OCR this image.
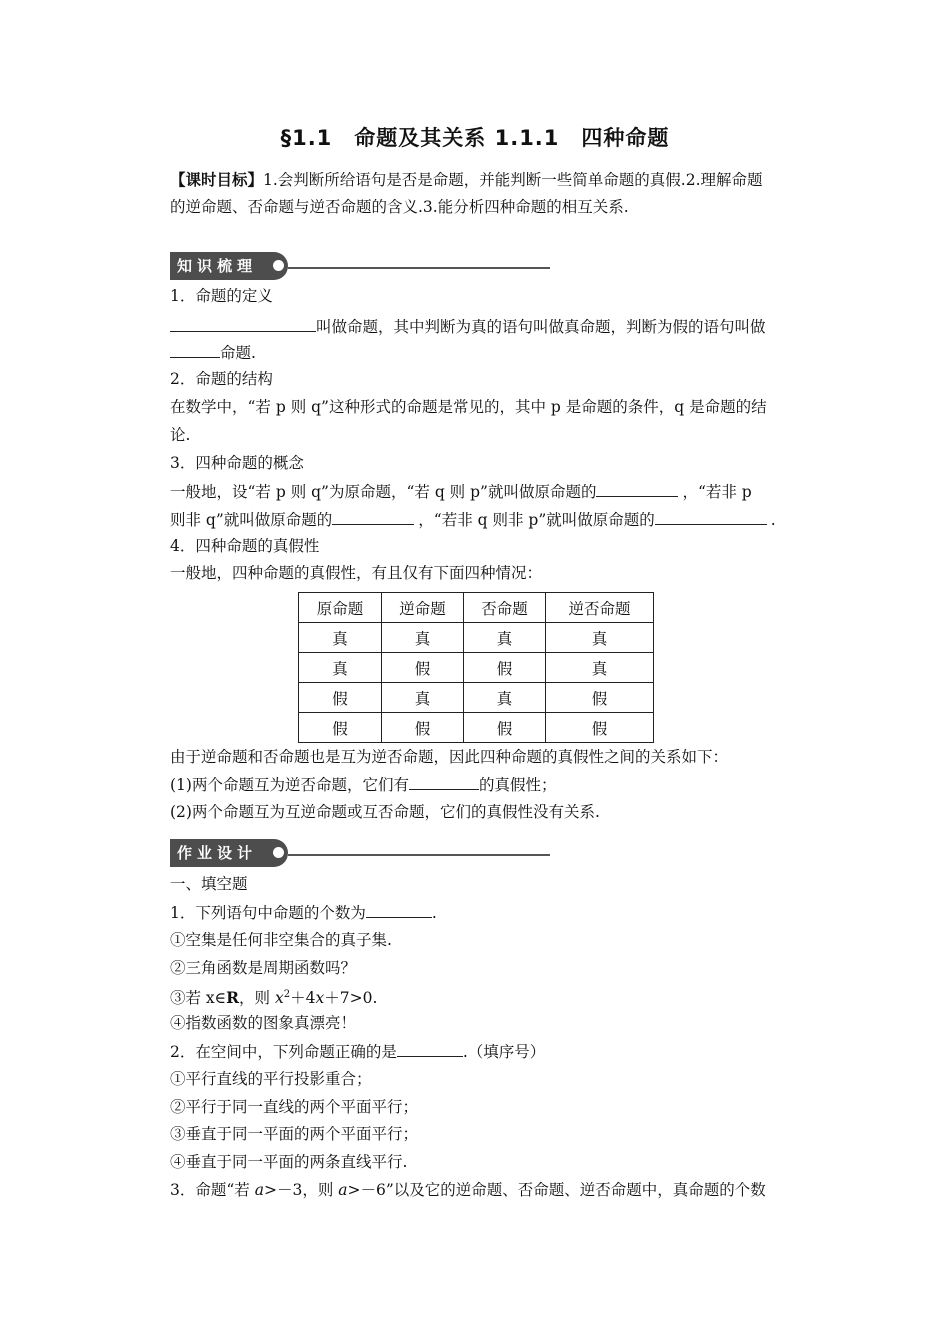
§1.1　命题及其关系 1.1.1　四种命题
【课时目标】1.会判断所给语句是否是命题，并能判断一些简单命题的真假.2.理解命题
的逆命题、否命题与逆否命题的含义.3.能分析四种命题的相互关系.
知识梳理
1．命题的定义
叫做命题，其中判断为真的语句叫做真命题，判断为假的语句叫做
命题.
2．命题的结构
在数学中，“若 p 则 q”这种形式的命题是常见的，其中 p 是命题的条件，q 是命题的结
论.
3．四种命题的概念
一般地，设“若 p 则 q”为原命题，“若 q 则 p”就叫做原命题的	，“若非 p
则非 q”就叫做原命题的	，“若非 q 则非 p”就叫做原命题的	.
4．四种命题的真假性
一般地，四种命题的真假性，有且仅有下面四种情况：
原命题	逆命题	否命题	逆否命题
真	真	真	真
真	假	假	真
假	真	真	假
假	假	假	假
由于逆命题和否命题也是互为逆否命题，因此四种命题的真假性之间的关系如下：
(1)两个命题互为逆否命题，它们有	的真假性；
(2)两个命题互为互逆命题或互否命题，它们的真假性没有关系.
作业设计
一、填空题
1．下列语句中命题的个数为	.
①空集是任何非空集合的真子集.
②三角函数是周期函数吗？
③若 x∈R，则 $x^2+4x+7>0$.
④指数函数的图象真漂亮！
2．在空间中，下列命题正确的是	.（填序号）
①平行直线的平行投影重合；
②平行于同一直线的两个平面平行；
③垂直于同一平面的两个平面平行；
④垂直于同一平面的两条直线平行.
3．命题“若 a>－3，则 a>－6”以及它的逆命题、否命题、逆否命题中，真命题的个数
